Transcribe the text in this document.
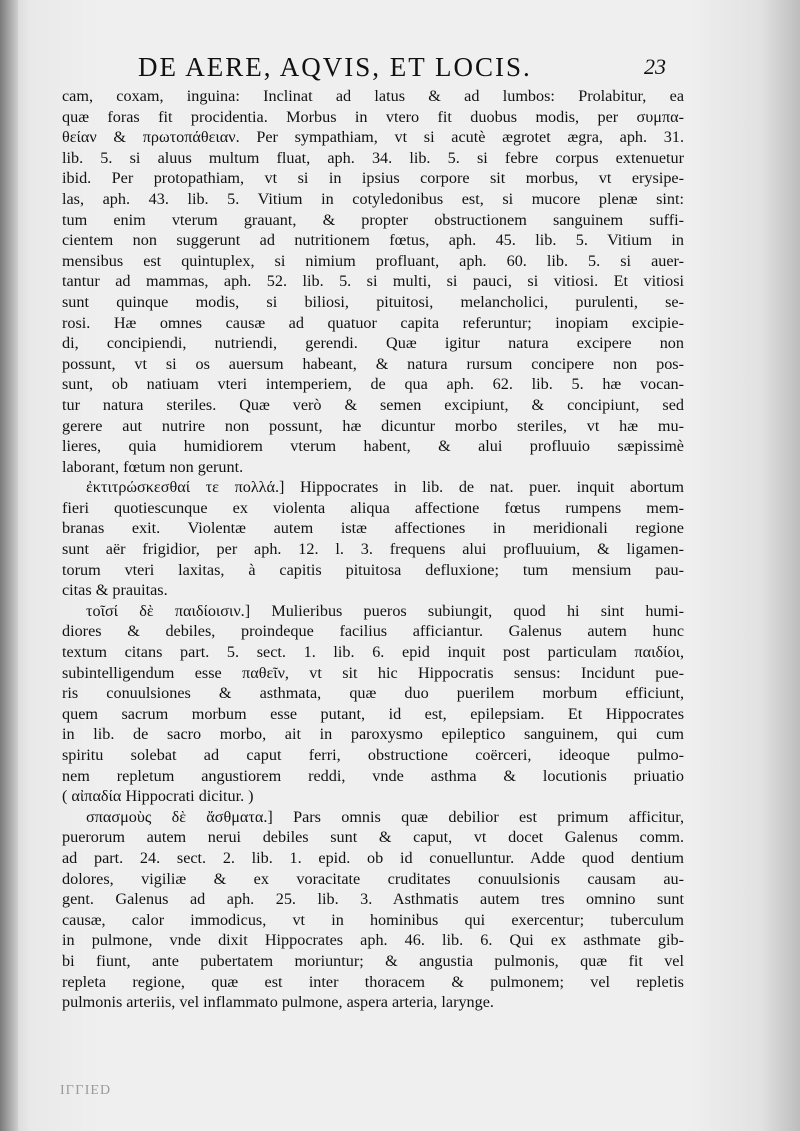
DE AERE, AQVIS, ET LOCIS.	23
cam, coxam, inguina: Inclinat ad latus & ad lumbos: Prolabitur, ea
quæ foras fit procidentia. Morbus in vtero fit duobus modis, per συμπα-
θείαν & πρωτοπάθειαν. Per sympathiam, vt si acutè ægrotet ægra, aph. 31.
lib. 5. si aluus multum fluat, aph. 34. lib. 5. si febre corpus extenuetur
ibid. Per protopathiam, vt si in ipsius corpore sit morbus, vt erysipe-
las, aph. 43. lib. 5. Vitium in cotyledonibus est, si mucore plenæ sint:
tum enim vterum grauant, & propter obstructionem sanguinem suffi-
cientem non suggerunt ad nutritionem fœtus, aph. 45. lib. 5. Vitium in
mensibus est quintuplex, si nimium profluant, aph. 60. lib. 5. si auer-
tantur ad mammas, aph. 52. lib. 5. si multi, si pauci, si vitiosi. Et vitiosi
sunt quinque modis, si biliosi, pituitosi, melancholici, purulenti, se-
rosi. Hæ omnes causæ ad quatuor capita referuntur; inopiam excipie-
di, concipiendi, nutriendi, gerendi. Quæ igitur natura excipere non
possunt, vt si os auersum habeant, & natura rursum concipere non pos-
sunt, ob natiuam vteri intemperiem, de qua aph. 62. lib. 5. hæ vocan-
tur natura steriles. Quæ verò & semen excipiunt, & concipiunt, sed
gerere aut nutrire non possunt, hæ dicuntur morbo steriles, vt hæ mu-
lieres, quia humidiorem vterum habent, & alui profluuio sæpissimè
laborant, fœtum non gerunt.
ἐκτιτρώσκεσθαί τε πολλά.] Hippocrates in lib. de nat. puer. inquit abortum
fieri quotiescunque ex violenta aliqua affectione fœtus rumpens mem-
branas exit. Violentæ autem istæ affectiones in meridionali regione
sunt aër frigidior, per aph. 12. l. 3. frequens alui profluuium, & ligamen-
torum vteri laxitas, à capitis pituitosa defluxione; tum mensium pau-
citas & prauitas.
τοῖσί δὲ παιδίοισιν.] Mulieribus pueros subiungit, quod hi sint humi-
diores & debiles, proindeque facilius afficiantur. Galenus autem hunc
textum citans part. 5. sect. 1. lib. 6. epid inquit post particulam παιδίοι,
subintelligendum esse παθεῖν, vt sit hic Hippocratis sensus: Incidunt pue-
ris conuulsiones & asthmata, quæ duo puerilem morbum efficiunt,
quem sacrum morbum esse putant, id est, epilepsiam. Et Hippocrates
in lib. de sacro morbo, ait in paroxysmo epileptico sanguinem, qui cum
spiritu solebat ad caput ferri, obstructione coërceri, ideoque pulmo-
nem repletum angustiorem reddi, vnde asthma & locutionis priuatio
( αἰπαδία Hippocrati dicitur. )
σπασμοὺς δὲ ἄσθματα.] Pars omnis quæ debilior est primum afficitur,
puerorum autem nerui debiles sunt & caput, vt docet Galenus comm.
ad part. 24. sect. 2. lib. 1. epid. ob id conuelluntur. Adde quod dentium
dolores, vigiliæ & ex voracitate cruditates conuulsionis causam au-
gent. Galenus ad aph. 25. lib. 3. Asthmatis autem tres omnino sunt
causæ, calor immodicus, vt in hominibus qui exercentur; tuberculum
in pulmone, vnde dixit Hippocrates aph. 46. lib. 6. Qui ex asthmate gib-
bi fiunt, ante pubertatem moriuntur; & angustia pulmonis, quæ fit vel
repleta regione, quæ est inter thoracem & pulmonem; vel repletis
pulmonis arteriis, vel inflammato pulmone, aspera arteria, larynge.
ILLIED
